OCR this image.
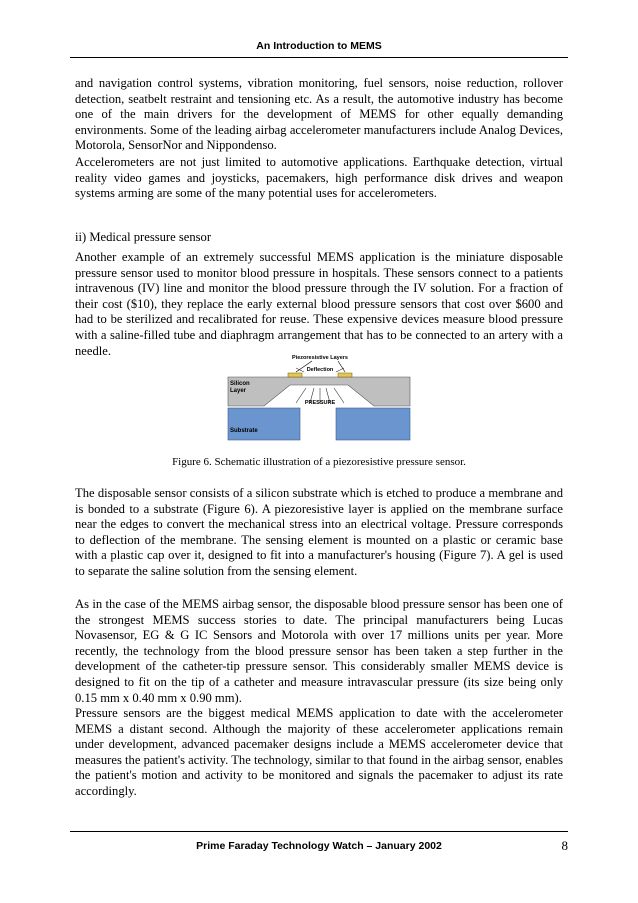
An Introduction to MEMS

and navigation control systems, vibration monitoring, fuel sensors, noise reduction, rollover detection, seatbelt restraint and tensioning etc. As a result, the automotive industry has become one of the main drivers for the development of MEMS for other equally demanding environments. Some of the leading airbag accelerometer manufacturers include Analog Devices, Motorola, SensorNor and Nippondenso.

Accelerometers are not just limited to automotive applications. Earthquake detection, virtual reality video games and joysticks, pacemakers, high performance disk drives and weapon systems arming are some of the many potential uses for accelerometers.

ii) Medical pressure sensor

Another example of an extremely successful MEMS application is the miniature disposable pressure sensor used to monitor blood pressure in hospitals. These sensors connect to a patients intravenous (IV) line and monitor the blood pressure through the IV solution. For a fraction of their cost ($10), they replace the early external blood pressure sensors that cost over $600 and had to be sterilized and recalibrated for reuse. These expensive devices measure blood pressure with a saline-filled tube and diaphragm arrangement that has to be connected to an artery with a needle.

Piezoresistive Layers
Deflection
Silicon
Layer
PRESSURE
Substrate
Figure 6. Schematic illustration of a piezoresistive pressure sensor.

The disposable sensor consists of a silicon substrate which is etched to produce a membrane and is bonded to a substrate (Figure 6). A piezoresistive layer is applied on the membrane surface near the edges to convert the mechanical stress into an electrical voltage. Pressure corresponds to deflection of the membrane. The sensing element is mounted on a plastic or ceramic base with a plastic cap over it, designed to fit into a manufacturer's housing (Figure 7). A gel is used to separate the saline solution from the sensing element.

As in the case of the MEMS airbag sensor, the disposable blood pressure sensor has been one of the strongest MEMS success stories to date. The principal manufacturers being Lucas Novasensor, EG & G IC Sensors and Motorola with over 17 millions units per year. More recently, the technology from the blood pressure sensor has been taken a step further in the development of the catheter-tip pressure sensor. This considerably smaller MEMS device is designed to fit on the tip of a catheter and measure intravascular pressure (its size being only 0.15 mm x 0.40 mm x 0.90 mm).

Pressure sensors are the biggest medical MEMS application to date with the accelerometer MEMS a distant second. Although the majority of these accelerometer applications remain under development, advanced pacemaker designs include a MEMS accelerometer device that measures the patient's activity. The technology, similar to that found in the airbag sensor, enables the patient's motion and activity to be monitored and signals the pacemaker to adjust its rate accordingly.

Prime Faraday Technology Watch – January 2002	8
